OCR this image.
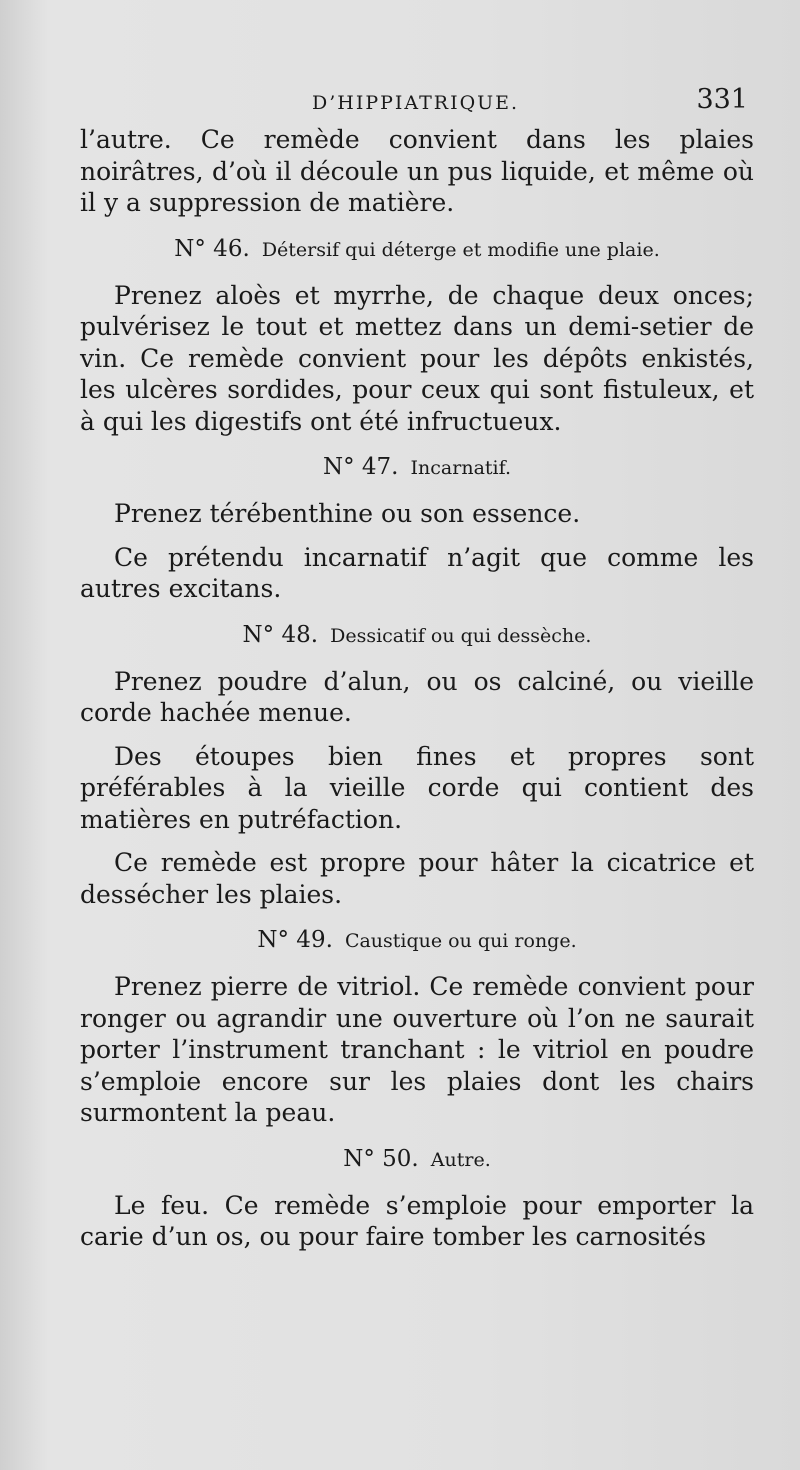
D’HIPPIATRIQUE.	331

l’autre. Ce remède convient dans les plaies noirâtres, d’où il découle un pus liquide, et même où il y a suppression de matière.

N° 46. Détersif qui déterge et modifie une plaie.

Prenez aloès et myrrhe, de chaque deux onces; pulvérisez le tout et mettez dans un demi-setier de vin. Ce remède convient pour les dépôts enkistés, les ulcères sordides, pour ceux qui sont fistuleux, et à qui les digestifs ont été infructueux.

N° 47. Incarnatif.

Prenez térébenthine ou son essence.

Ce prétendu incarnatif n’agit que comme les autres excitans.

N° 48. Dessicatif ou qui dessèche.

Prenez poudre d’alun, ou os calciné, ou vieille corde hachée menue.

Des étoupes bien fines et propres sont préférables à la vieille corde qui contient des matières en putréfaction.

Ce remède est propre pour hâter la cicatrice et dessécher les plaies.

N° 49. Caustique ou qui ronge.

Prenez pierre de vitriol. Ce remède convient pour ronger ou agrandir une ouverture où l’on ne saurait porter l’instrument tranchant : le vitriol en poudre s’emploie encore sur les plaies dont les chairs surmontent la peau.

N° 50. Autre.

Le feu. Ce remède s’emploie pour emporter la carie d’un os, ou pour faire tomber les carnosités
